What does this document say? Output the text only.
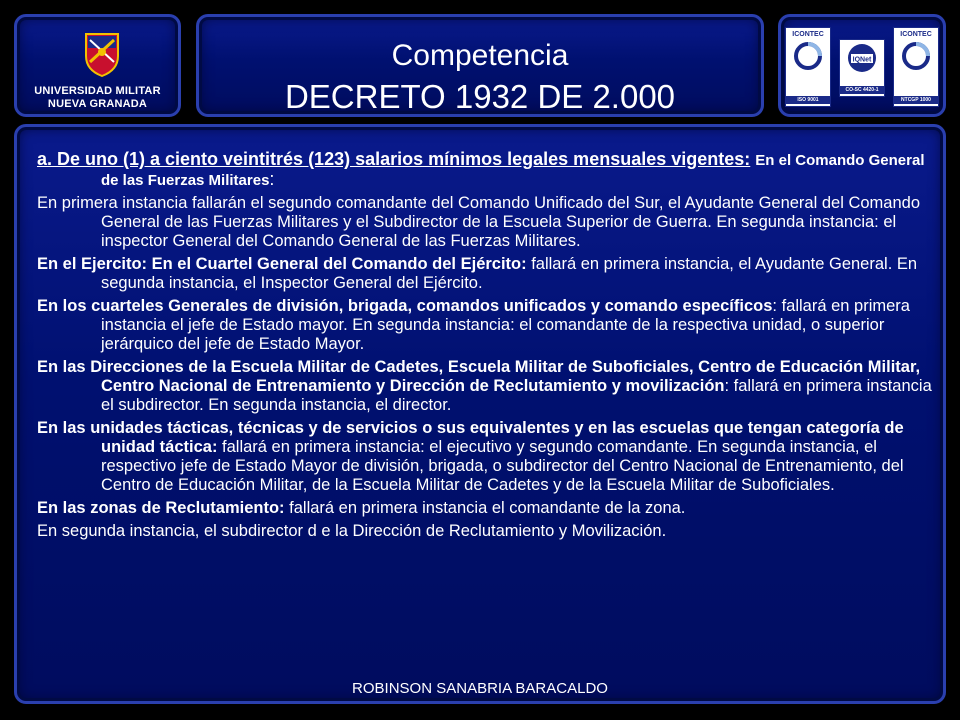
UNIVERSIDAD MILITAR
NUEVA GRANADA
Competencia
DECRETO 1932 DE 2.000
ICONTEC
ISO 9001
IQNet
CO-SC 4420-1
ICONTEC
NTCGP 1000

a. De uno (1) a ciento veintitrés (123) salarios mínimos legales mensuales vigentes: En el Comando General de las Fuerzas Militares:

En primera instancia fallarán el segundo comandante del Comando Unificado del Sur, el Ayudante General del Comando General de las Fuerzas Militares y el Subdirector de la Escuela Superior de Guerra. En segunda instancia: el inspector General del Comando General de las Fuerzas Militares.

En el Ejercito: En el Cuartel General del Comando del Ejército: fallará en primera instancia, el Ayudante General. En segunda instancia, el Inspector General del Ejército.

En los cuarteles Generales de división, brigada, comandos unificados y comando específicos: fallará en primera instancia el jefe de Estado mayor. En segunda instancia: el comandante de la respectiva unidad, o superior jerárquico del jefe de Estado Mayor.

En las Direcciones de la Escuela Militar de Cadetes, Escuela Militar de Suboficiales, Centro de Educación Militar, Centro Nacional de Entrenamiento y Dirección de Reclutamiento y movilización: fallará en primera instancia el subdirector. En segunda instancia, el director.

En las unidades tácticas, técnicas y de servicios o sus equivalentes y en las escuelas que tengan categoría de unidad táctica: fallará en primera instancia: el ejecutivo y segundo comandante. En segunda instancia, el respectivo jefe de Estado Mayor de división, brigada, o subdirector del Centro Nacional de Entrenamiento, del Centro de Educación Militar, de la Escuela Militar de Cadetes y de la Escuela Militar de Suboficiales.

En las zonas de Reclutamiento: fallará en primera instancia el comandante de la zona.

En segunda instancia, el subdirector d e la Dirección de Reclutamiento y Movilización.

ROBINSON SANABRIA BARACALDO
